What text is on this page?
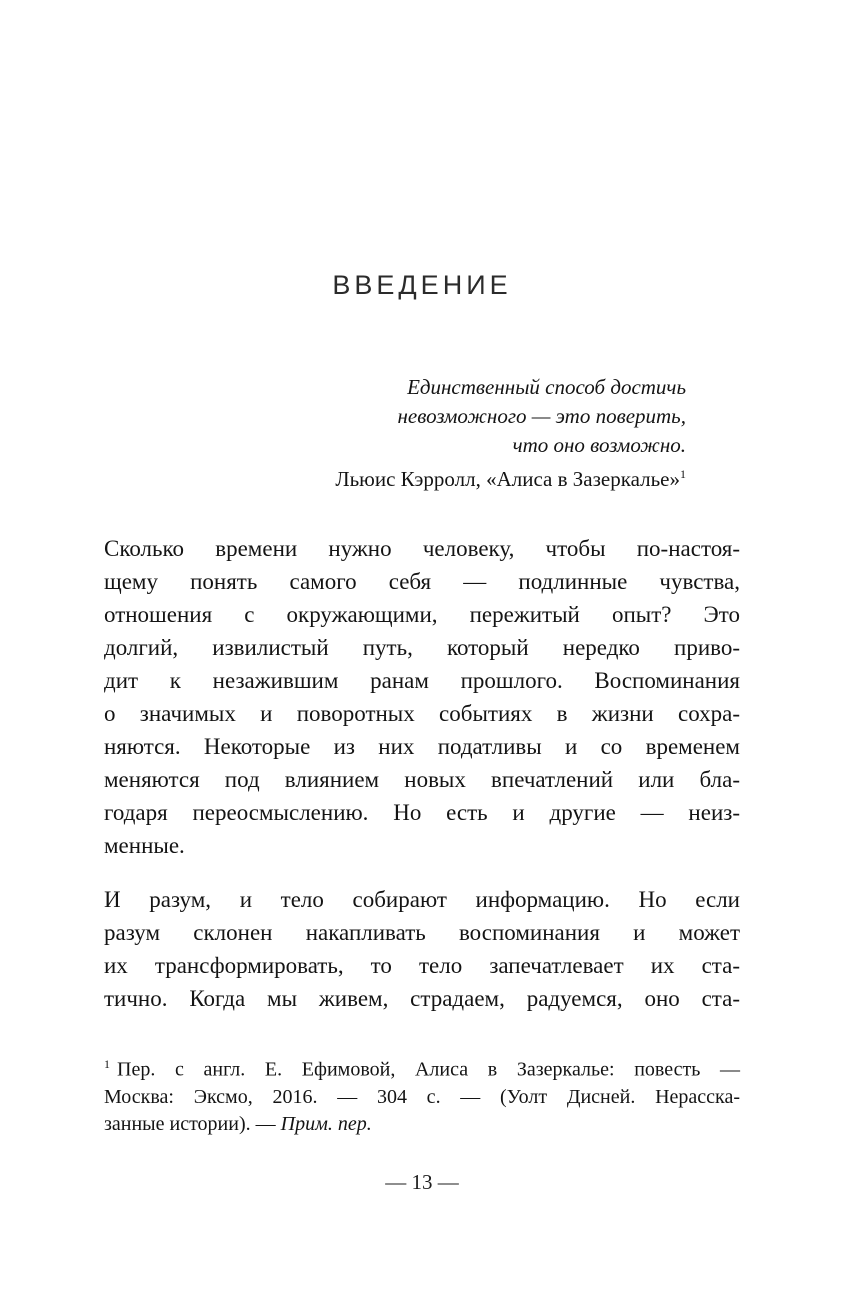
ВВЕДЕНИЕ
Единственный способ достичь
невозможного — это поверить,
что оно возможно.
Льюис Кэрролл, «Алиса в Зазеркалье»$^1$
Сколько времени нужно человеку, чтобы по-настоя-
щему понять самого себя — подлинные чувства,
отношения с окружающими, пережитый опыт? Это
долгий, извилистый путь, который нередко приво-
дит к незажившим ранам прошлого. Воспоминания
о значимых и поворотных событиях в жизни сохра-
няются. Некоторые из них податливы и со временем
меняются под влиянием новых впечатлений или бла-
годаря переосмыслению. Но есть и другие — неиз-
менные.
И разум, и тело собирают информацию. Но если
разум склонен накапливать воспоминания и может
их трансформировать, то тело запечатлевает их ста-
тично. Когда мы живем, страдаем, радуемся, оно ста-
$^1$ Пер. с англ. Е. Ефимовой, Алиса в Зазеркалье: повесть —
Москва: Эксмо, 2016. — 304 с. — (Уолт Дисней. Нерасска-
занные истории). — Прим. пер.
— 13 —
